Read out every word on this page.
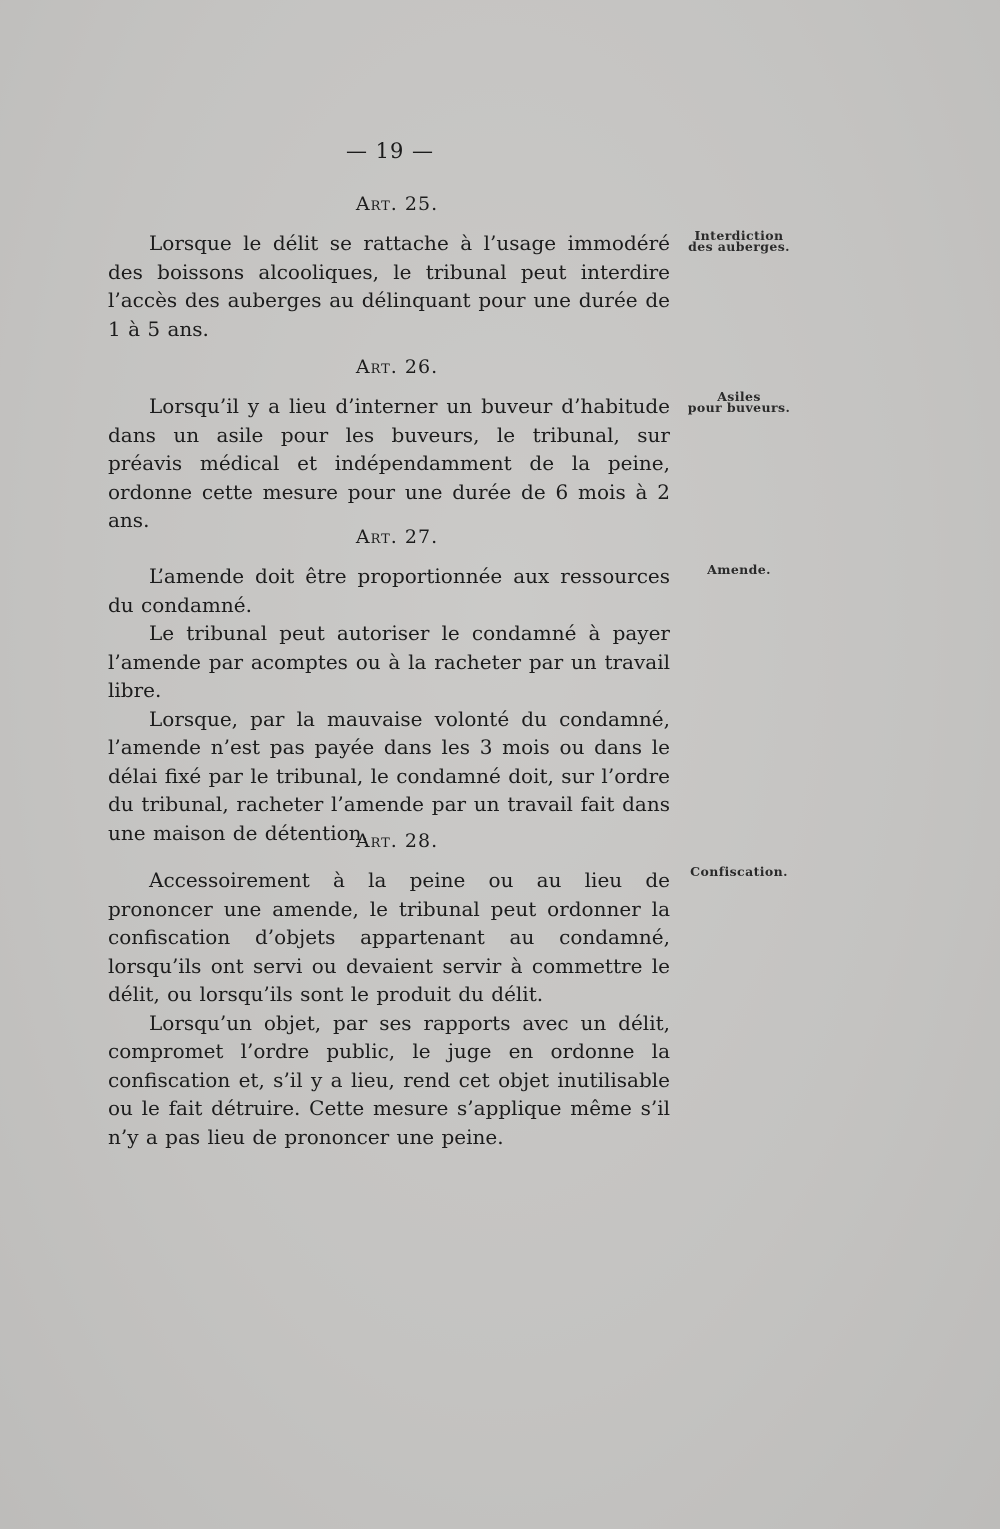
— 19 —
Art. 25.

Lorsque le délit se rattache à l’usage immodéré des boissons alcooliques, le tribunal peut interdire l’accès des auberges au délinquant pour une durée de 1 à 5 ans.

Interdiction
des auberges.
Art. 26.

Lorsqu’il y a lieu d’interner un buveur d’habitude dans un asile pour les buveurs, le tribunal, sur préavis médical et indépendamment de la peine, ordonne cette mesure pour une durée de 6 mois à 2 ans.

Asiles
pour buveurs.
Art. 27.

L’amende doit être proportionnée aux ressources du condamné.

Le tribunal peut autoriser le condamné à payer l’amende par acomptes ou à la racheter par un travail libre.

Lorsque, par la mauvaise volonté du condamné, l’amende n’est pas payée dans les 3 mois ou dans le délai fixé par le tribunal, le condamné doit, sur l’ordre du tribunal, racheter l’amende par un travail fait dans une maison de détention.

Amende.
Art. 28.

Accessoirement à la peine ou au lieu de prononcer une amende, le tribunal peut ordonner la confiscation d’objets appartenant au condamné, lorsqu’ils ont servi ou devaient servir à commettre le délit, ou lorsqu’ils sont le produit du délit.

Lorsqu’un objet, par ses rapports avec un délit, compromet l’ordre public, le juge en ordonne la confiscation et, s’il y a lieu, rend cet objet inutilisable ou le fait détruire. Cette mesure s’applique même s’il n’y a pas lieu de prononcer une peine.

Confiscation.
